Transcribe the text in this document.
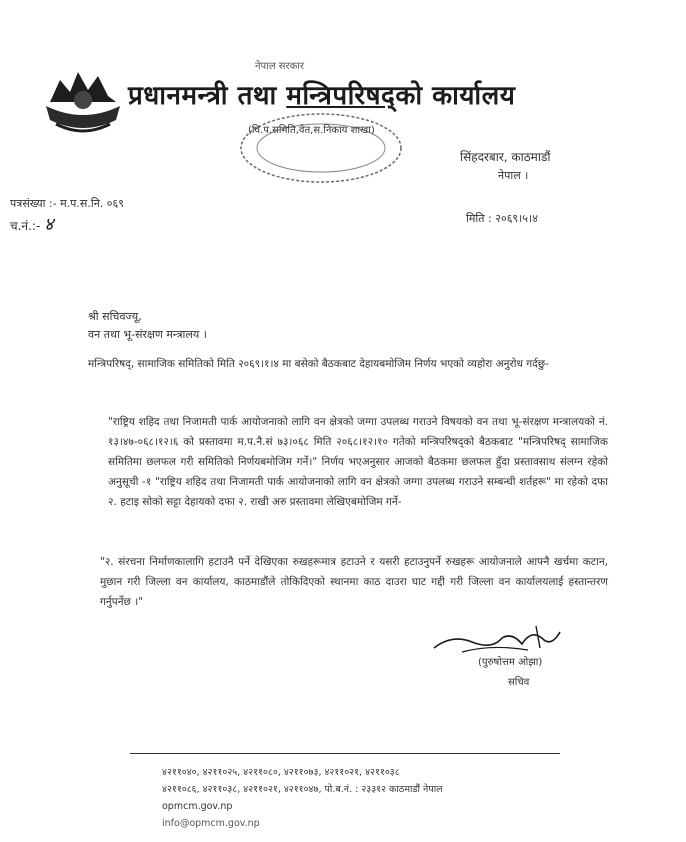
नेपाल सरकार
प्रधानमन्त्री तथा मन्त्रिपरिषद्को कार्यालय
(वि.प.समिति,वेत,स.निकाय शाखा)
सिंहदरबार, काठमाडौं
नेपाल ।
पत्रसंख्या :- म.प.स.नि. ०६९
च.नं.:- ४	मिति : २०६९।५।४
श्री सचिवज्यू,
वन तथा भू-संरक्षण मन्त्रालय ।
मन्त्रिपरिषद्, सामाजिक समितिको मिति २०६९।१।४ मा बसेको बैठकबाट देहायबमोजिम निर्णय भएको व्यहोरा अनुरोध गर्दछु-
"राष्ट्रिय शहिद तथा निजामती पार्क आयोजनाको लागि वन क्षेत्रको जग्गा उपलब्ध गराउने विषयको वन तथा भू-संरक्षण मन्त्रालयको नं. १३।४७-०६८।१२।६ को प्रस्तावमा म.प.नै.सं ७३।०६८ मिति २०६८।१२।१० गतेको मन्त्रिपरिषद्को बैठकबाट "मन्त्रिपरिषद् सामाजिक समितिमा छलफल गरी समितिको निर्णयबमोजिम गर्ने।" निर्णय भएअनुसार आजको बैठकमा छलफल हुँदा प्रस्तावसाथ संलग्न रहेको अनुसूची -१ "राष्ट्रिय शहिद तथा निजामती पार्क आयोजनाको लागि वन क्षेत्रको जग्गा उपलब्ध गराउने सम्बन्धी शर्तहरू" मा रहेको दफा २. हटाइ सोको सट्टा देहायको दफा २. राखी अरु प्रस्तावमा लेखिएबमोजिम गर्ने-
"२. संरचना निर्माणकालागि हटाउनै पर्ने देखिएका रुखहरूमात्र हटाउने र यसरी हटाउनुपर्ने रुखहरू आयोजनाले आफ्नै खर्चमा कटान, मुछान गरी जिल्ला वन कार्यालय, काठमाडौंले तोकिदिएको स्थानमा काठ दाउरा घाट गद्दी गरी जिल्ला वन कार्यालयलाई हस्तान्तरण गर्नुपर्नेछ ।"
(पुरुषोत्तम ओझा)
सचिव
४२११०४०, ४२११०२५, ४२११०८०, ४२११०७३, ४२११०२१, ४२११०३८
४२११०८६, ४२११०३८, ४२११०२१, ४२११०४७, पो.ब.नं. : २३३१२ काठमाडौं नेपाल
opmcm.gov.np
info@opmcm.gov.np
